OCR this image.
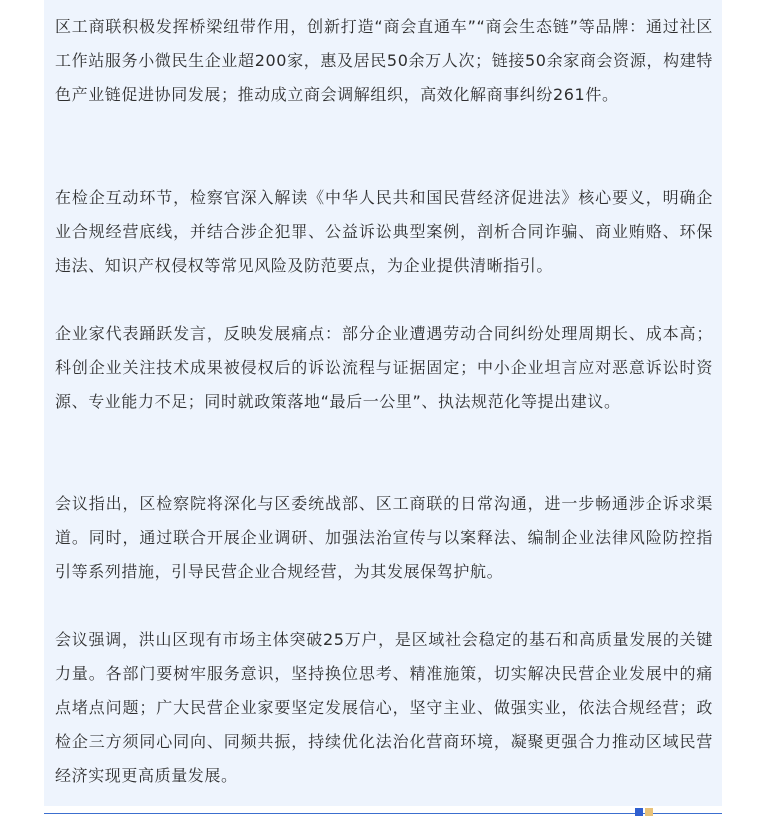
区工商联积极发挥桥梁纽带作用，创新打造“商会直通车”“商会生态链”等品牌：通过社区工作站服务小微民生企业超200家，惠及居民50余万人次；链接50余家商会资源，构建特色产业链促进协同发展；推动成立商会调解组织，高效化解商事纠纷261件。

在检企互动环节，检察官深入解读《中华人民共和国民营经济促进法》核心要义，明确企业合规经营底线，并结合涉企犯罪、公益诉讼典型案例，剖析合同诈骗、商业贿赂、环保违法、知识产权侵权等常见风险及防范要点，为企业提供清晰指引。

企业家代表踊跃发言，反映发展痛点：部分企业遭遇劳动合同纠纷处理周期长、成本高；科创企业关注技术成果被侵权后的诉讼流程与证据固定；中小企业坦言应对恶意诉讼时资源、专业能力不足；同时就政策落地“最后一公里”、执法规范化等提出建议。

会议指出，区检察院将深化与区委统战部、区工商联的日常沟通，进一步畅通涉企诉求渠道。同时，通过联合开展企业调研、加强法治宣传与以案释法、编制企业法律风险防控指引等系列措施，引导民营企业合规经营，为其发展保驾护航。

会议强调，洪山区现有市场主体突破25万户，是区域社会稳定的基石和高质量发展的关键力量。各部门要树牢服务意识，坚持换位思考、精准施策，切实解决民营企业发展中的痛点堵点问题；广大民营企业家要坚定发展信心，坚守主业、做强实业，依法合规经营；政检企三方须同心同向、同频共振，持续优化法治化营商环境，凝聚更强合力推动区域民营经济实现更高质量发展。
